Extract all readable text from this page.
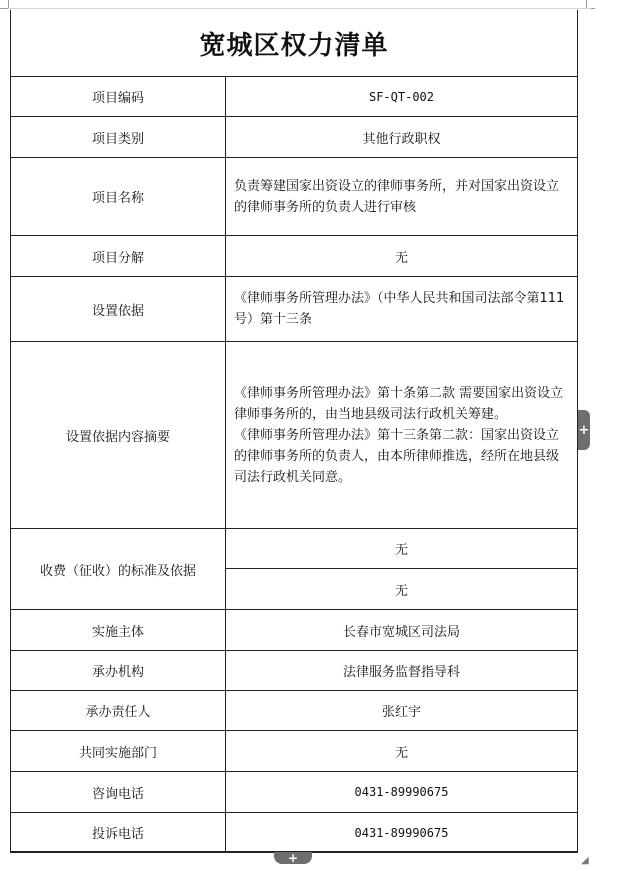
宽城区权力清单
项目编码	SF-QT-002
项目类别	其他行政职权
项目名称	负责筹建国家出资设立的律师事务所，并对国家出资设立的律师事务所的负责人进行审核
项目分解	无
设置依据	《律师事务所管理办法》（中华人民共和国司法部令第111号）第十三条
设置依据内容摘要	《律师事务所管理办法》第十条第二款 需要国家出资设立律师事务所的，由当地县级司法行政机关筹建。
《律师事务所管理办法》第十三条第二款：国家出资设立的律师事务所的负责人，由本所律师推选，经所在地县级司法行政机关同意。

收费（征收）的标准及依据	无
	无
实施主体	长春市宽城区司法局
承办机构	法律服务监督指导科
承办责任人	张红宇
共同实施部门	无
咨询电话	0431-89990675
投诉电话	0431-89990675
+
+	◢
